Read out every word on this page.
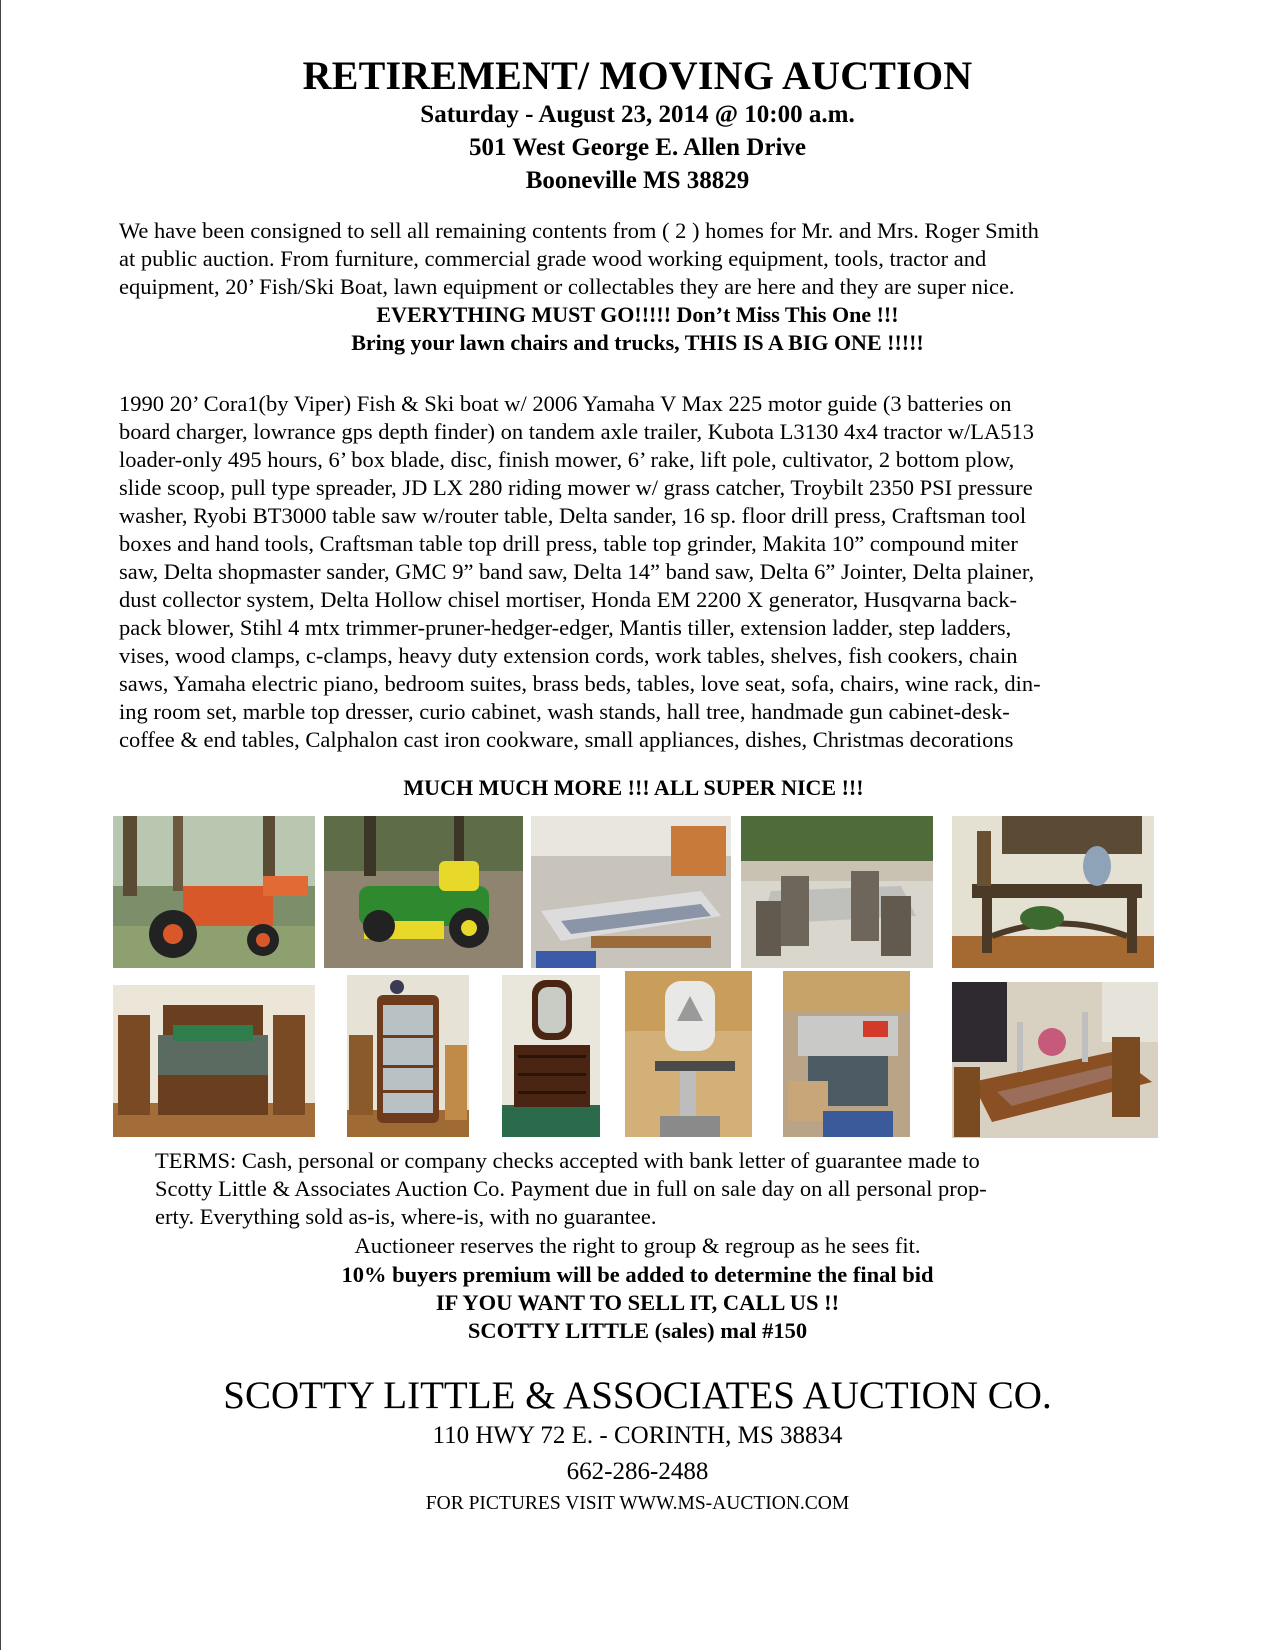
RETIREMENT/ MOVING AUCTION
Saturday - August 23, 2014 @ 10:00 a.m.
501 West George E. Allen Drive
Booneville MS 38829
We have been consigned to sell all remaining contents from ( 2 ) homes for Mr. and Mrs. Roger Smith
at public auction. From furniture, commercial grade wood working equipment, tools, tractor and
equipment, 20’ Fish/Ski Boat, lawn equipment or collectables they are here and they are super nice.
EVERYTHING MUST GO!!!!! Don’t Miss This One !!!
Bring your lawn chairs and trucks, THIS IS A BIG ONE !!!!!
1990 20’ Cora1(by Viper) Fish & Ski boat w/ 2006 Yamaha V Max 225 motor guide (3 batteries on
board charger, lowrance gps depth finder) on tandem axle trailer, Kubota L3130 4x4 tractor w/LA513
loader-only 495 hours, 6’ box blade, disc, finish mower, 6’ rake, lift pole, cultivator, 2 bottom plow,
slide scoop, pull type spreader, JD LX 280 riding mower w/ grass catcher, Troybilt 2350 PSI pressure
washer, Ryobi BT3000 table saw w/router table, Delta sander, 16 sp. floor drill press, Craftsman tool
boxes and hand tools, Craftsman table top drill press, table top grinder, Makita 10” compound miter
saw, Delta shopmaster sander, GMC 9” band saw, Delta 14” band saw, Delta 6” Jointer, Delta plainer,
dust collector system, Delta Hollow chisel mortiser, Honda EM 2200 X generator, Husqvarna back-
pack blower, Stihl 4 mtx trimmer-pruner-hedger-edger, Mantis tiller, extension ladder, step ladders,
vises, wood clamps, c-clamps, heavy duty extension cords, work tables, shelves, fish cookers, chain
saws, Yamaha electric piano, bedroom suites, brass beds, tables, love seat, sofa, chairs, wine rack, din-
ing room set, marble top dresser, curio cabinet, wash stands, hall tree, handmade gun cabinet-desk-
coffee & end tables, Calphalon cast iron cookware, small appliances, dishes, Christmas decorations
MUCH MUCH MORE !!! ALL SUPER NICE !!!
TERMS: Cash, personal or company checks accepted with bank letter of guarantee made to
Scotty Little & Associates Auction Co. Payment due in full on sale day on all personal prop-
erty. Everything sold as-is, where-is, with no guarantee.
Auctioneer reserves the right to group & regroup as he sees fit.
10% buyers premium will be added to determine the final bid
IF YOU WANT TO SELL IT, CALL US !!
SCOTTY LITTLE (sales) mal #150
SCOTTY LITTLE & ASSOCIATES AUCTION CO.
110 HWY 72 E. - CORINTH, MS 38834
662-286-2488
FOR PICTURES VISIT WWW.MS-AUCTION.COM
